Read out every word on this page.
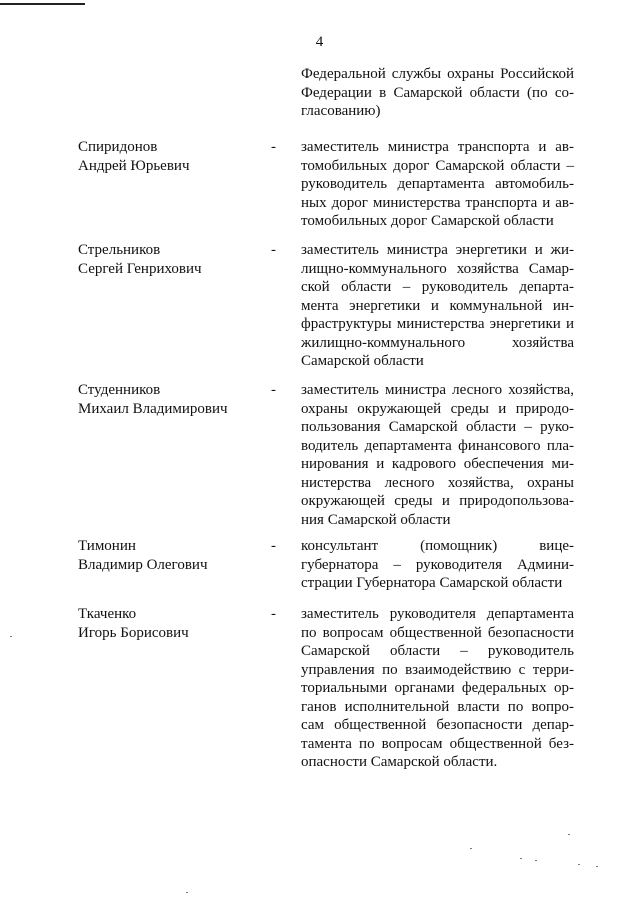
4
Федеральной службы охраны Российской Федерации в Самарской области (по согласованию)
Спиридонов
Андрей Юрьевич
- заместитель министра транспорта и автомобильных дорог Самарской области – руководитель департамента автомобильных дорог министерства транспорта и автомобильных дорог Самарской области
Стрельников
Сергей Генрихович
- заместитель министра энергетики и жилищно-коммунального хозяйства Самарской области – руководитель департамента энергетики и коммунальной инфраструктуры министерства энергетики и жилищно-коммунального хозяйства Самарской области
Студенников
Михаил Владимирович
- заместитель министра лесного хозяйства, охраны окружающей среды и природопользования Самарской области – руководитель департамента финансового планирования и кадрового обеспечения министерства лесного хозяйства, охраны окружающей среды и природопользования Самарской области
Тимонин
Владимир Олегович
- консультант (помощник) вице-губернатора – руководителя Администрации Губернатора Самарской области
Ткаченко
Игорь Борисович
- заместитель руководителя департамента по вопросам общественной безопасности Самарской области – руководитель управления по взаимодействию с территориальными органами федеральных органов исполнительной власти по вопросам общественной безопасности департамента по вопросам общественной безопасности Самарской области.
